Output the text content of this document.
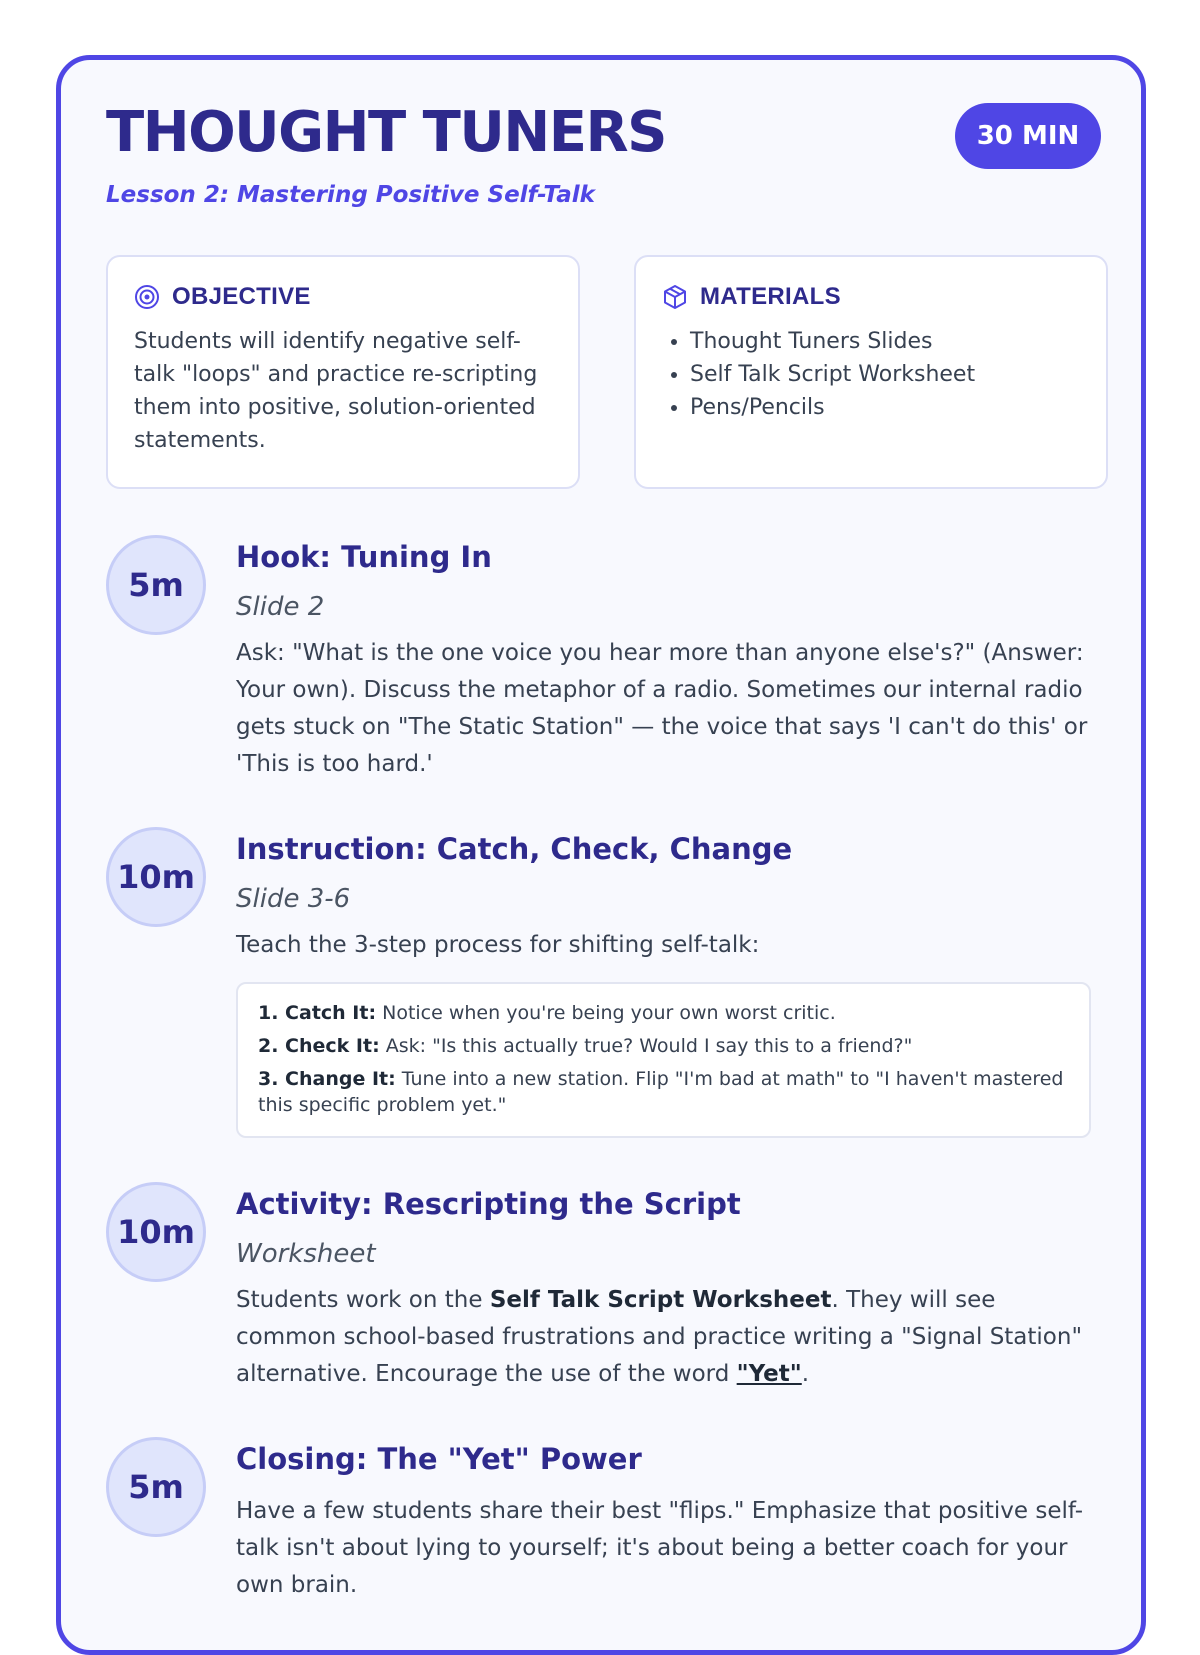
THOUGHT TUNERS
Lesson 2: Mastering Positive Self-Talk
30 MIN
OBJECTIVE
Students will identify negative self-talk "loops" and practice re-scripting them into positive, solution-oriented statements.
MATERIALS
• Thought Tuners Slides
• Self Talk Script Worksheet
• Pens/Pencils
5m
Hook: Tuning In
Slide 2
Ask: "What is the one voice you hear more than anyone else's?" (Answer: Your own). Discuss the metaphor of a radio. Sometimes our internal radio gets stuck on "The Static Station" — the voice that says 'I can't do this' or 'This is too hard.'
10m
Instruction: Catch, Check, Change
Slide 3-6
Teach the 3-step process for shifting self-talk:

1. Catch It: Notice when you're being your own worst critic.

2. Check It: Ask: "Is this actually true? Would I say this to a friend?"

3. Change It: Tune into a new station. Flip "I'm bad at math" to "I haven't mastered this specific problem yet."

10m
Activity: Rescripting the Script
Worksheet
Students work on the Self Talk Script Worksheet. They will see common school-based frustrations and practice writing a "Signal Station" alternative. Encourage the use of the word "Yet".
5m
Closing: The "Yet" Power
Have a few students share their best "flips." Emphasize that positive self-talk isn't about lying to yourself; it's about being a better coach for your own brain.
